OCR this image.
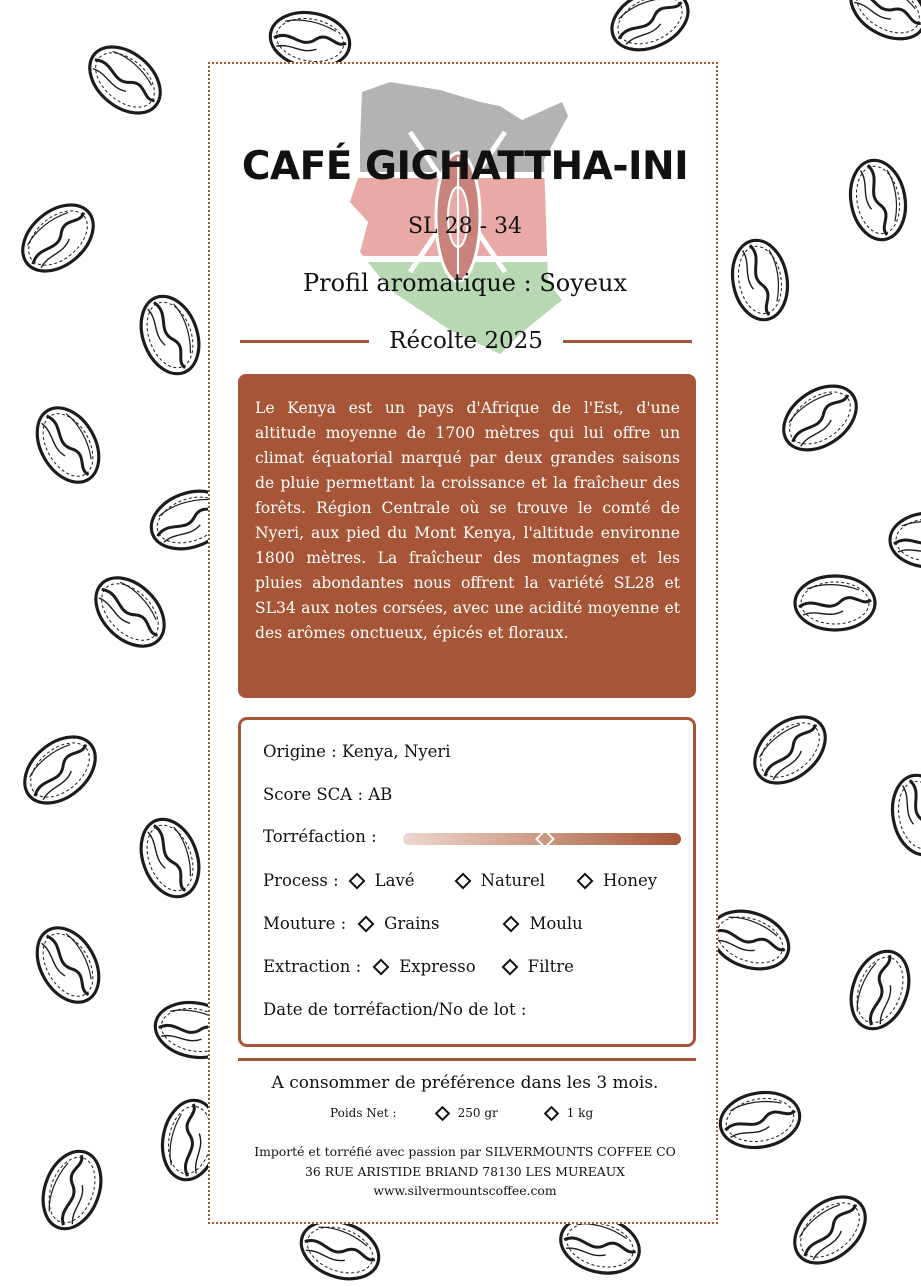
CAFÉ GICHATTHA-INI
SL 28 - 34
Profil aromatique : Soyeux
Récolte 2025
Le Kenya est un pays d'Afrique de l'Est, d'une altitude moyenne de 1700 mètres qui lui offre un climat équatorial marqué par deux grandes saisons de pluie permettant la croissance et la fraîcheur des forêts. Région Centrale où se trouve le comté de Nyeri, aux pied du Mont Kenya, l'altitude environne 1800 mètres. La fraîcheur des montagnes et les pluies abondantes nous offrent la variété SL28 et SL34 aux notes corsées, avec une acidité moyenne et des arômes onctueux, épicés et floraux.
Origine : Kenya, Nyeri
Score SCA : AB
Torréfaction :
Process : Lavé	Naturel	Honey
Mouture : Grains	Moulu
Extraction : Expresso	Filtre
Date de torréfaction/No de lot :
A consommer de préférence dans les 3 mois.
Poids Net :	250 gr	1 kg
Importé et torréfié avec passion par SILVERMOUNTS COFFEE CO
36 RUE ARISTIDE BRIAND 78130 LES MUREAUX
www.silvermountscoffee.com
